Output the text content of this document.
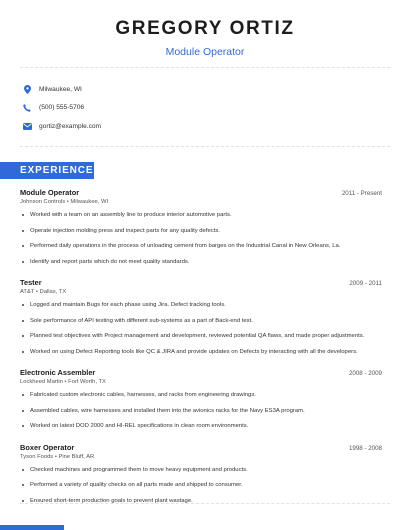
GREGORY ORTIZ
Module Operator
Milwaukee, WI
(500) 555-5706
gortiz@example.com
EXPERIENCE
Module Operator	2011 - Present
Johnson Controls • Milwaukee, WI
Worked with a team on an assembly line to produce interior automotive parts.
Operate injection molding press and inspect parts for any quality defects.
Performed daily operations in the process of unloading cement from barges on the Industrial Canal in New Orleans, La.
Identify and report parts which do not meet quality standards.
Tester	2009 - 2011
AT&T • Dallas, TX
Logged and maintain Bugs for each phase using Jira. Defect tracking tools.
Sole performance of API testing with different sub-systems as a part of Back-end test.
Planned test objectives with Project management and development, reviewed potential QA flaws, and made proper adjustments.
Worked on using Defect Reporting tools like QC & JIRA and provide updates on Defects by interacting with all the developers.
Electronic Assembler	2008 - 2009
Lockheed Martin • Fort Worth, TX
Fabricated custom electronic cables, harnesses, and racks from engineering drawings.
Assembled cables, wire harnesses and installed them into the avionics racks for the Navy ES3A program.
Worked on latest DOD 2000 and HI-REL specifications in clean room environments.
Boxer Operator	1998 - 2008
Tyson Foods • Pine Bluff, AR
Checked machines and programmed them to move heavy equipment and products.
Performed a variety of quality checks on all parts made and shipped to consumer.
Ensured short-term production goals to prevent plant wastage.
